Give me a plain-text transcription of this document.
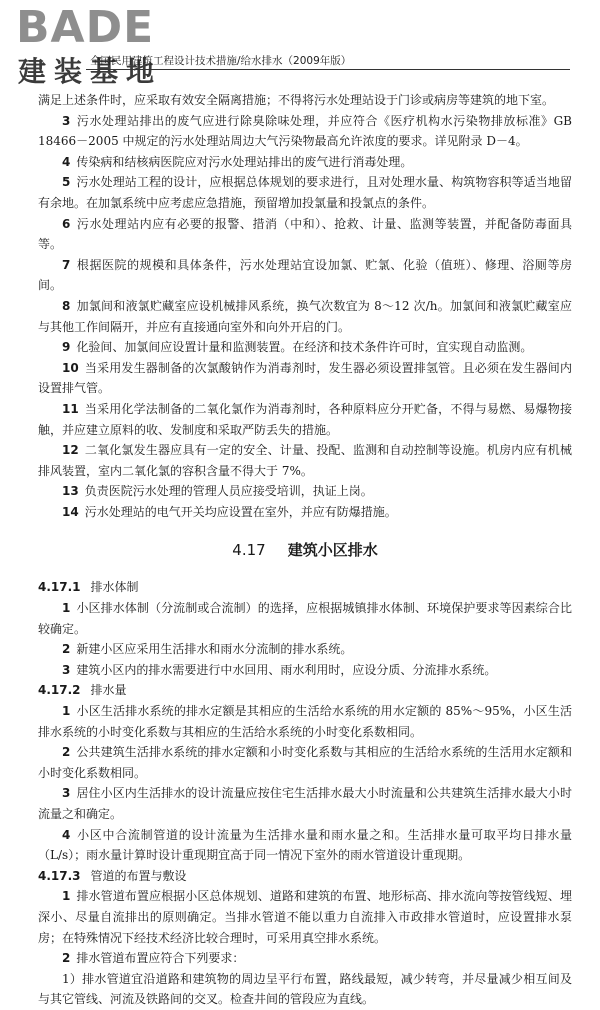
BADE
建装基地
全国民用建筑工程设计技术措施/给水排水（2009年版）

满足上述条件时，应采取有效安全隔离措施；不得将污水处理站设于门诊或病房等建筑的地下室。

3 污水处理站排出的废气应进行除臭除味处理，并应符合《医疗机构水污染物排放标准》GB 18466－2005 中规定的污水处理站周边大气污染物最高允许浓度的要求。详见附录 D－4。

4 传染病和结核病医院应对污水处理站排出的废气进行消毒处理。

5 污水处理站工程的设计，应根据总体规划的要求进行，且对处理水量、构筑物容积等适当地留有余地。在加氯系统中应考虑应急措施，预留增加投氯量和投氯点的条件。

6 污水处理站内应有必要的报警、措消（中和）、抢救、计量、监测等装置，并配备防毒面具等。

7 根据医院的规模和具体条件，污水处理站宜设加氯、贮氯、化验（值班）、修理、浴厕等房间。

8 加氯间和液氯贮藏室应设机械排风系统，换气次数宜为 8～12 次/h。加氯间和液氯贮藏室应与其他工作间隔开，并应有直接通向室外和向外开启的门。

9 化验间、加氯间应设置计量和监测装置。在经济和技术条件许可时，宜实现自动监测。

10 当采用发生器制备的次氯酸钠作为消毒剂时，发生器必须设置排氢管。且必须在发生器间内设置排气管。

11 当采用化学法制备的二氧化氯作为消毒剂时，各种原料应分开贮备，不得与易燃、易爆物接触，并应建立原料的收、发制度和采取严防丢失的措施。

12 二氧化氯发生器应具有一定的安全、计量、投配、监测和自动控制等设施。机房内应有机械排风装置，室内二氧化氯的容积含量不得大于 7%。

13 负责医院污水处理的管理人员应接受培训，执证上岗。

14 污水处理站的电气开关均应设置在室外，并应有防爆措施。

4.17 建筑小区排水

4.17.1 排水体制

1 小区排水体制（分流制或合流制）的选择，应根据城镇排水体制、环境保护要求等因素综合比较确定。

2 新建小区应采用生活排水和雨水分流制的排水系统。

3 建筑小区内的排水需要进行中水回用、雨水利用时，应设分质、分流排水系统。

4.17.2 排水量

1 小区生活排水系统的排水定额是其相应的生活给水系统的用水定额的 85%～95%，小区生活排水系统的小时变化系数与其相应的生活给水系统的小时变化系数相同。

2 公共建筑生活排水系统的排水定额和小时变化系数与其相应的生活给水系统的生活用水定额和小时变化系数相同。

3 居住小区内生活排水的设计流量应按住宅生活排水最大小时流量和公共建筑生活排水最大小时流量之和确定。

4 小区中合流制管道的设计流量为生活排水量和雨水量之和。生活排水量可取平均日排水量（L/s）；雨水量计算时设计重现期宜高于同一情况下室外的雨水管道设计重现期。

4.17.3 管道的布置与敷设

1 排水管道布置应根据小区总体规划、道路和建筑的布置、地形标高、排水流向等按管线短、埋深小、尽量自流排出的原则确定。当排水管道不能以重力自流排入市政排水管道时，应设置排水泵房；在特殊情况下经技术经济比较合理时，可采用真空排水系统。

2 排水管道布置应符合下列要求：

1）排水管道宜沿道路和建筑物的周边呈平行布置，路线最短，减少转弯，并尽量减少相互间及与其它管线、河流及铁路间的交叉。检查井间的管段应为直线。
